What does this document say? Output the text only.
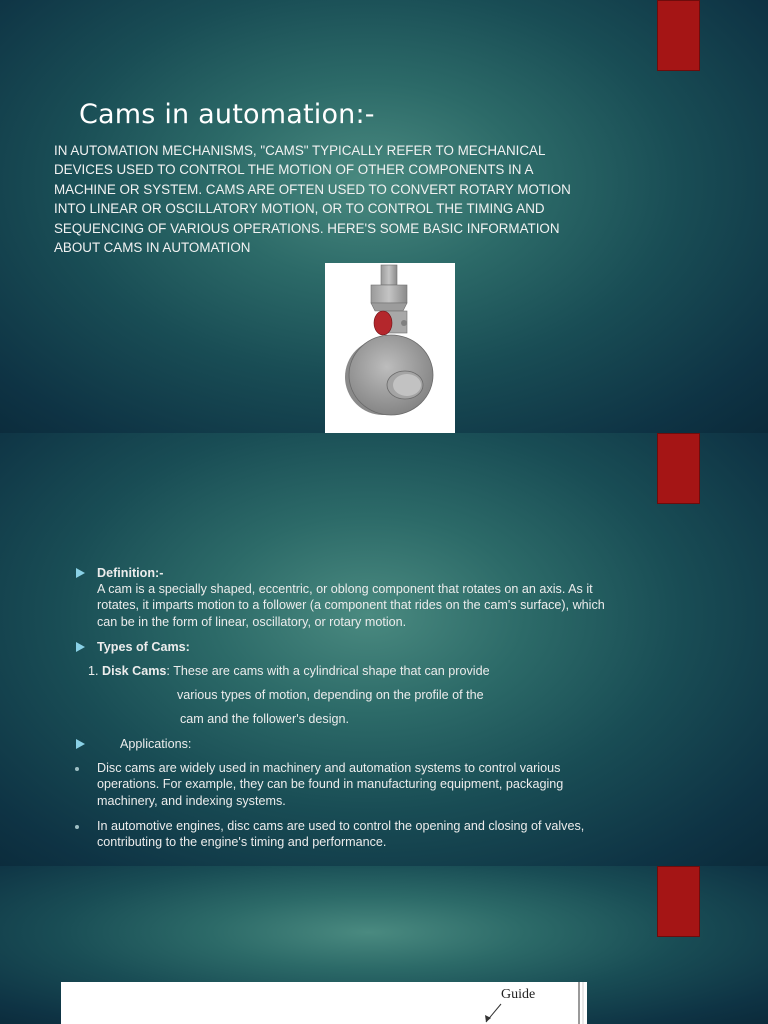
Cams in automation:-

IN AUTOMATION MECHANISMS, "CAMS" TYPICALLY REFER TO MECHANICAL DEVICES USED TO CONTROL THE MOTION OF OTHER COMPONENTS IN A MACHINE OR SYSTEM. CAMS ARE OFTEN USED TO CONVERT ROTARY MOTION INTO LINEAR OR OSCILLATORY MOTION, OR TO CONTROL THE TIMING AND SEQUENCING OF VARIOUS OPERATIONS. HERE'S SOME BASIC INFORMATION ABOUT CAMS IN AUTOMATION

Definition:-

A cam is a specially shaped, eccentric, or oblong component that rotates on an axis. As it rotates, it imparts motion to a follower (a component that rides on the cam's surface), which can be in the form of linear, oscillatory, or rotary motion.

Types of Cams:

1. Disk Cams: These are cams with a cylindrical shape that can provide

various types of motion, depending on the profile of the

cam and the follower's design.

Applications:

Disc cams are widely used in machinery and automation systems to control various operations. For example, they can be found in manufacturing equipment, packaging machinery, and indexing systems.

In automotive engines, disc cams are used to control the opening and closing of valves, contributing to the engine's timing and performance.

Guide
